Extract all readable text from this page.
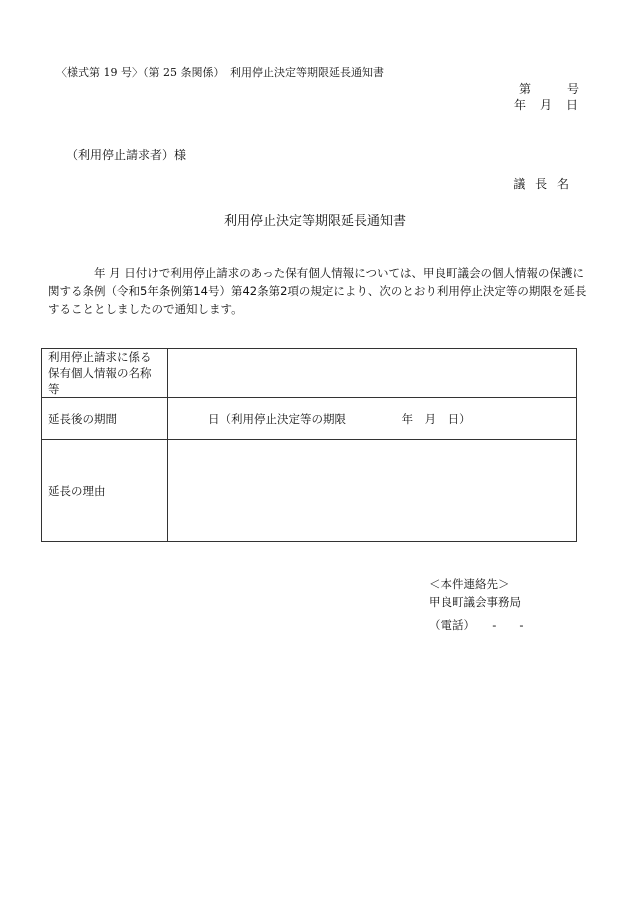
〈様式第 19 号〉（第 25 条関係）　利用停止決定等期限延長通知書
第　　　号
年　月　日
（利用停止請求者）様
議 長 名
利用停止決定等期限延長通知書
　　　　年 月 日付けで利用停止請求のあった保有個人情報については、甲良町議会の個人情報の保護に関する条例（令和5年条例第14号）第42条第2項の規定により、次のとおり利用停止決定等の期限を延長することとしましたので通知します。
利用停止請求に係る保有個人情報の名称等	
延長後の期間	日（利用停止決定等の期限 年　月　日）
延長の理由	
＜本件連絡先＞
甲良町議会事務局
（電話）　　-　　-
